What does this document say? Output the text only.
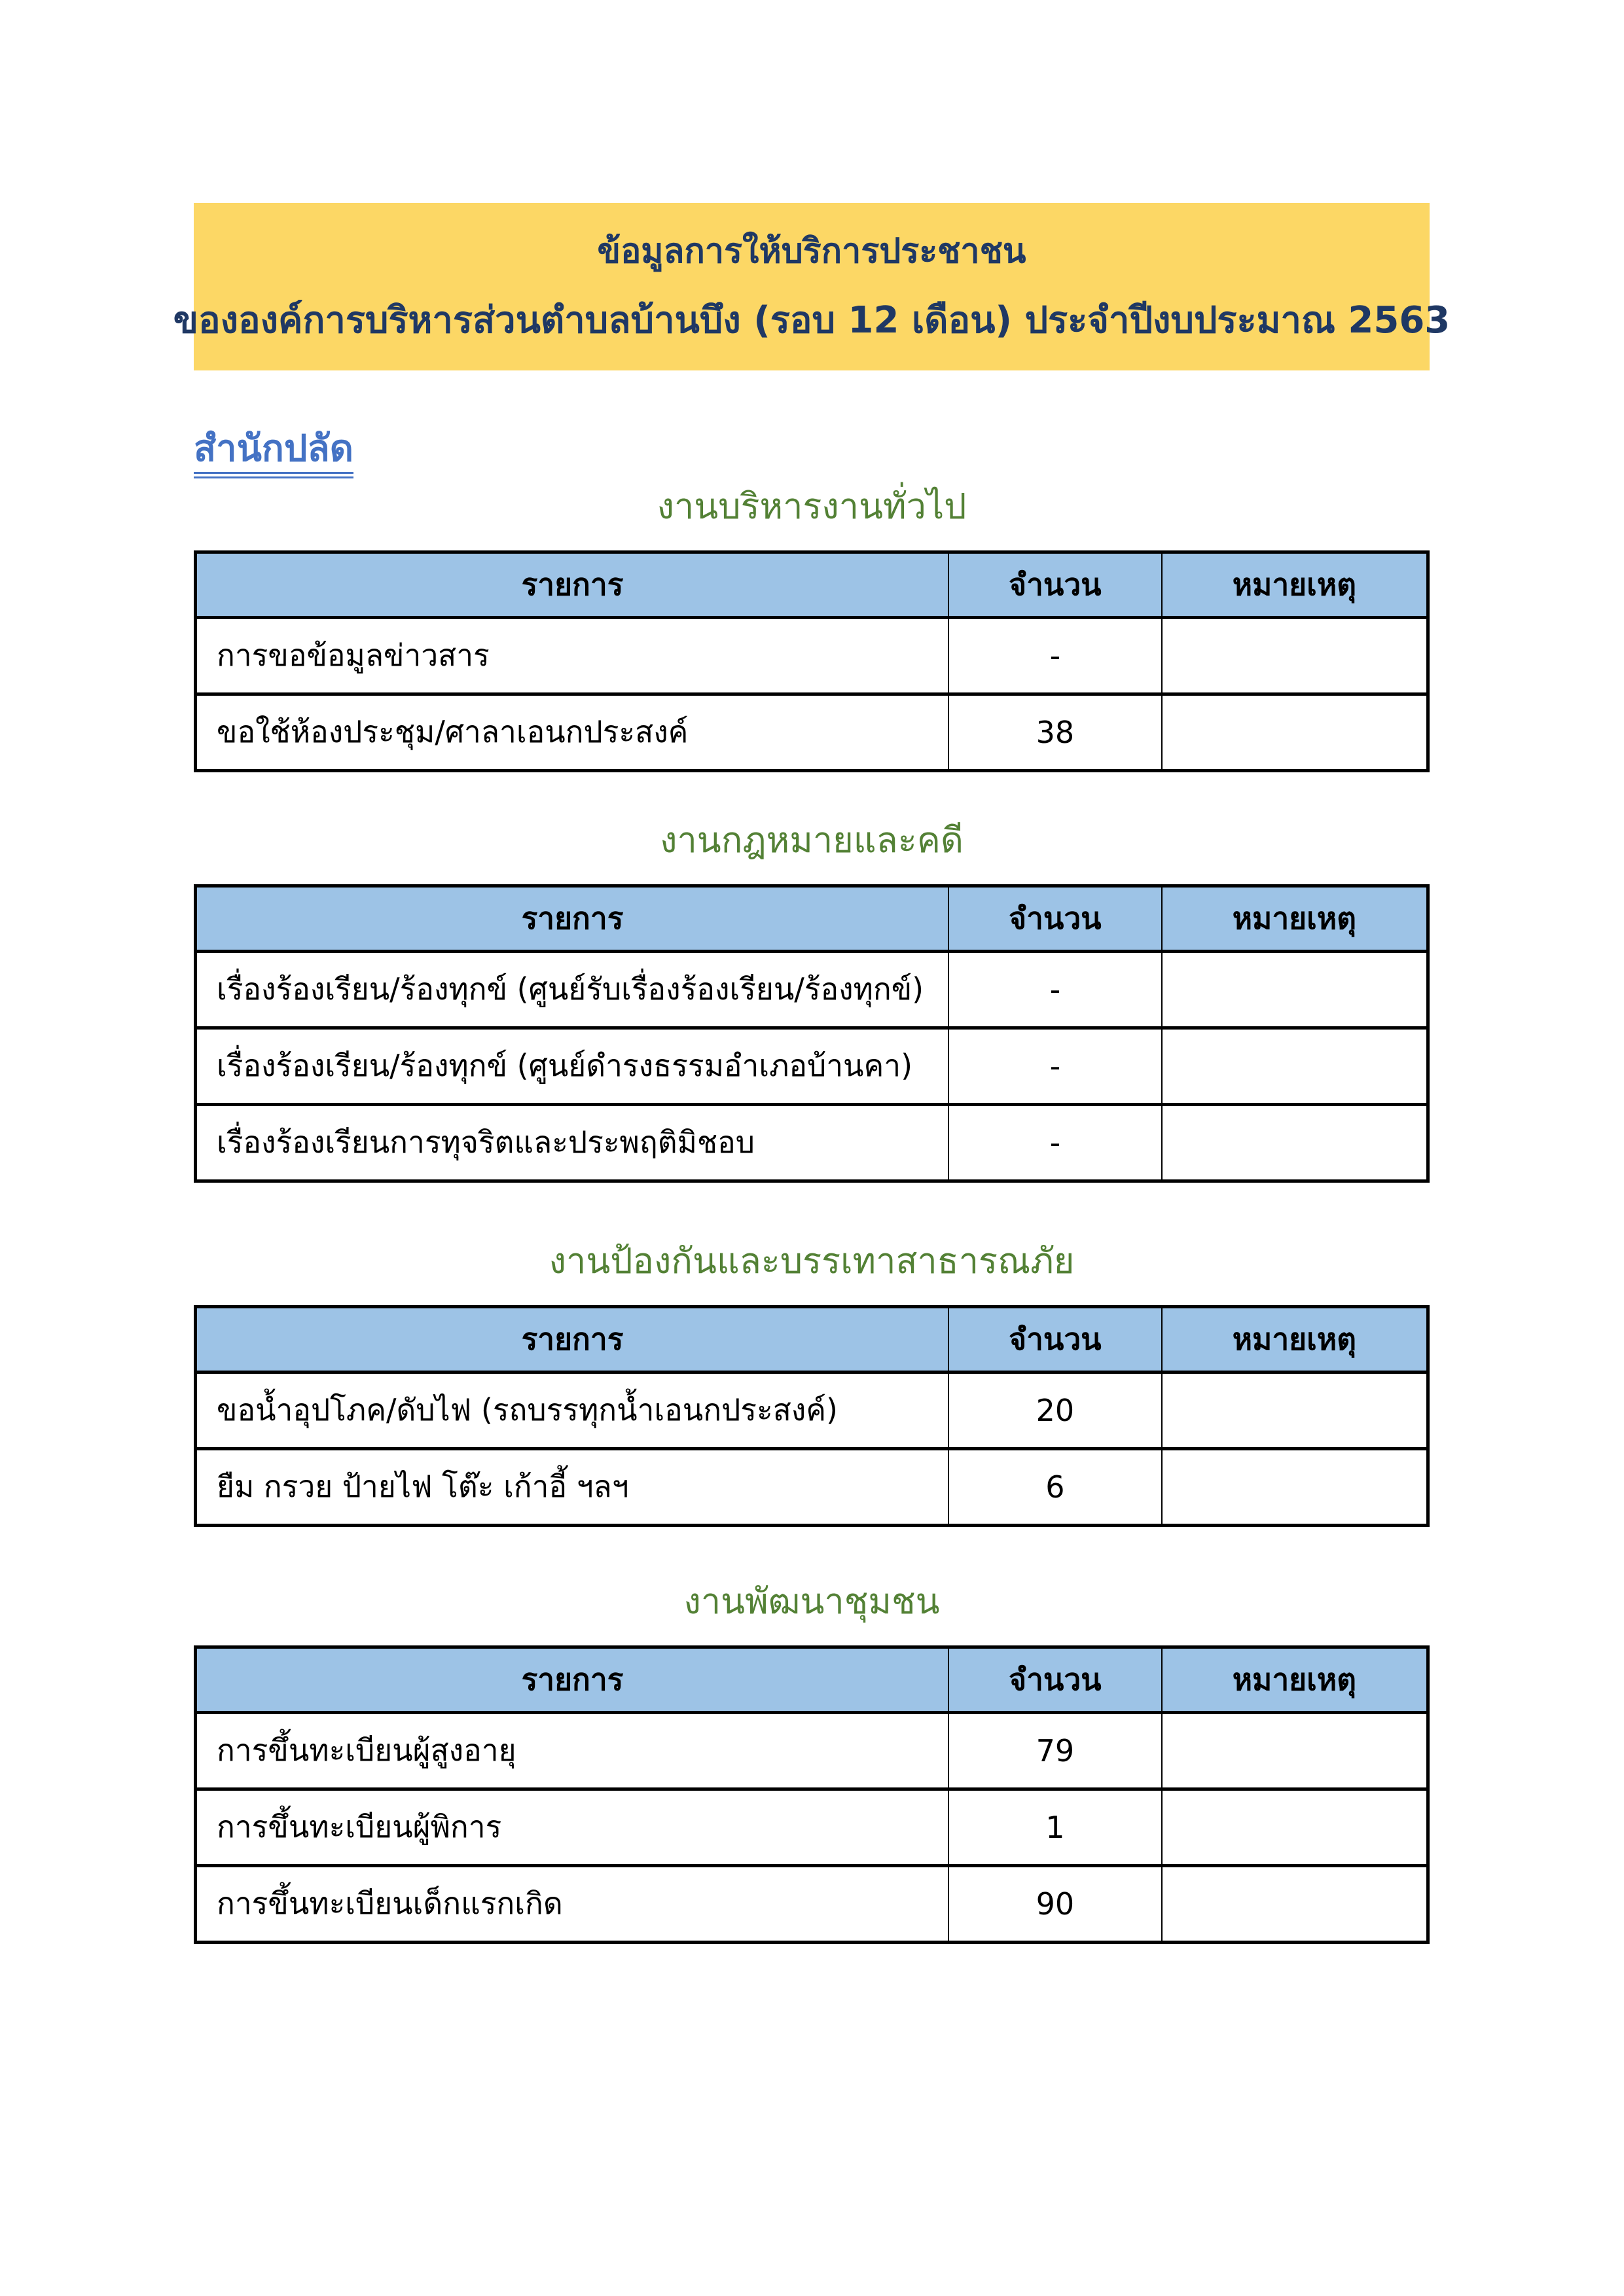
ข้อมูลการให้บริการประชาชน
ขององค์การบริหารส่วนตำบลบ้านบึง (รอบ 12 เดือน) ประจำปีงบประมาณ 2563
สำนักปลัด
งานบริหารงานทั่วไป
รายการ	จำนวน	หมายเหตุ
การขอข้อมูลข่าวสาร	-	
ขอใช้ห้องประชุม/ศาลาเอนกประสงค์	38	
งานกฎหมายและคดี
รายการ	จำนวน	หมายเหตุ
เรื่องร้องเรียน/ร้องทุกข์ (ศูนย์รับเรื่องร้องเรียน/ร้องทุกข์)	-	
เรื่องร้องเรียน/ร้องทุกข์ (ศูนย์ดำรงธรรมอำเภอบ้านคา)	-	
เรื่องร้องเรียนการทุจริตและประพฤติมิชอบ	-	
งานป้องกันและบรรเทาสาธารณภัย
รายการ	จำนวน	หมายเหตุ
ขอน้ำอุปโภค/ดับไฟ (รถบรรทุกน้ำเอนกประสงค์)	20	
ยืม กรวย ป้ายไฟ โต๊ะ เก้าอี้ ฯลฯ	6	
งานพัฒนาชุมชน
รายการ	จำนวน	หมายเหตุ
การขึ้นทะเบียนผู้สูงอายุ	79	
การขึ้นทะเบียนผู้พิการ	1	
การขึ้นทะเบียนเด็กแรกเกิด	90	
